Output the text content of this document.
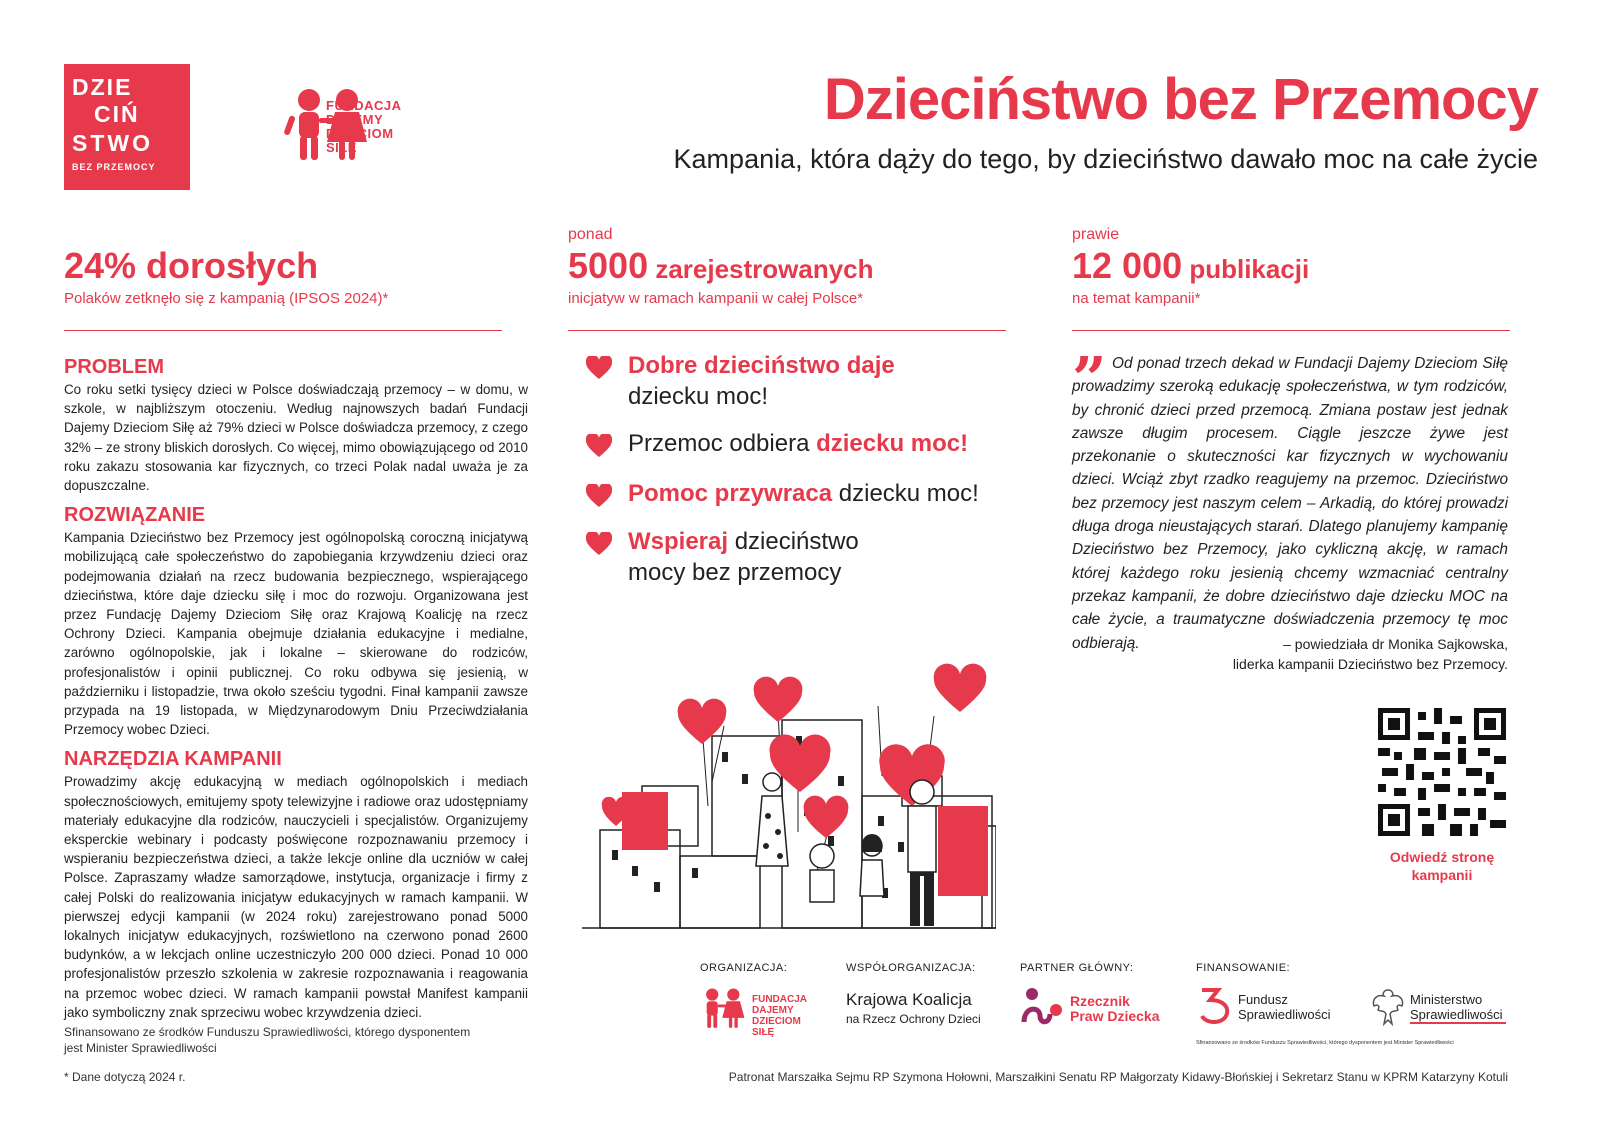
DZIE
CIŃ
STWO
BEZ PRZEMOCY
FUNDACJA
DAJEMY
DZIECIOM
SIŁĘ
Dzieciństwo bez Przemocy
Kampania, która dąży do tego, by dzieciństwo dawało moc na całe życie
24% dorosłych
Polaków zetknęło się z kampanią (IPSOS 2024)*
ponad
5000 zarejestrowanych
inicjatyw w ramach kampanii w całej Polsce*
prawie
12 000 publikacji
na temat kampanii*
PROBLEM
Co roku setki tysięcy dzieci w Polsce doświadczają przemocy – w domu, w szkole, w najbliższym otoczeniu. Według najnowszych badań Fundacji Dajemy Dzieciom Siłę aż 79% dzieci w Polsce doświadcza przemocy, z czego 32% – ze strony bliskich dorosłych. Co więcej, mimo obowiązującego od 2010 roku zakazu stosowania kar fizycznych, co trzeci Polak nadal uważa je za dopuszczalne.
ROZWIĄZANIE
Kampania Dzieciństwo bez Przemocy jest ogólnopolską coroczną inicjatywą mobilizującą całe społeczeństwo do zapobiegania krzywdzeniu dzieci oraz podejmowania działań na rzecz budowania bezpiecznego, wspierającego dzieciństwa, które daje dziecku siłę i moc do rozwoju. Organizowana jest przez Fundację Dajemy Dzieciom Siłę oraz Krajową Koalicję na rzecz Ochrony Dzieci. Kampania obejmuje działania edukacyjne i medialne, zarówno ogólnopolskie, jak i lokalne – skierowane do rodziców, profesjonalistów i opinii publicznej. Co roku odbywa się jesienią, w październiku i listopadzie, trwa około sześciu tygodni. Finał kampanii zawsze przypada na 19 listopada, w Międzynarodowym Dniu Przeciwdziałania Przemocy wobec Dzieci.
NARZĘDZIA KAMPANII
Prowadzimy akcję edukacyjną w mediach ogólnopolskich i mediach społecznościowych, emitujemy spoty telewizyjne i radiowe oraz udostępniamy materiały edukacyjne dla rodziców, nauczycieli i specjalistów. Organizujemy eksperckie webinary i podcasty poświęcone rozpoznawaniu przemocy i wspieraniu bezpieczeństwa dzieci, a także lekcje online dla uczniów w całej Polsce. Zapraszamy władze samorządowe, instytucja, organizacje i firmy z całej Polski do realizowania inicjatyw edukacyjnych w ramach kampanii. W pierwszej edycji kampanii (w 2024 roku) zarejestrowano ponad 5000 lokalnych inicjatyw edukacyjnych, rozświetlono na czerwono ponad 2600 budynków, a w lekcjach online uczestniczyło 200 000 dzieci. Ponad 10 000 profesjonalistów przeszło szkolenia w zakresie rozpoznawania i reagowania na przemoc wobec dzieci. W ramach kampanii powstał Manifest kampanii jako symboliczny znak sprzeciwu wobec krzywdzenia dzieci.
Sfinansowano ze środków Funduszu Sprawiedliwości, którego dysponentem jest Minister Sprawiedliwości
* Dane dotyczą 2024 r.
Dobre dzieciństwo daje
dziecku moc!
Przemoc odbiera dziecku moc!
Pomoc przywraca dziecku moc!
Wspieraj dzieciństwo
mocy bez przemocy
” Od ponad trzech dekad w Fundacji Dajemy Dzieciom Siłę prowadzimy szeroką edukację społeczeństwa, w tym rodziców, by chronić dzieci przed przemocą. Zmiana postaw jest jednak zawsze długim procesem. Ciągle jeszcze żywe jest przekonanie o skuteczności kar fizycznych w wychowaniu dzieci. Wciąż zbyt rzadko reagujemy na przemoc. Dzieciństwo bez przemocy jest naszym celem – Arkadią, do której prowadzi długa droga nieustających starań. Dlatego planujemy kampanię Dzieciństwo bez Przemocy, jako cykliczną akcję, w ramach której każdego roku jesienią chcemy wzmacniać centralny przekaz kampanii, że dobre dzieciństwo daje dziecku MOC na całe życie, a traumatyczne doświadczenia przemocy tę moc odbierają.	– powiedziała dr Monika Sajkowska,
liderka kampanii Dzieciństwo bez Przemocy.
Odwiedź stronę kampanii
ORGANIZACJA:	WSPÓŁORGANIZACJA:	PARTNER GŁÓWNY:	FINANSOWANIE:
FUNDACJA
DAJEMY
DZIECIOM
SIŁĘ
Krajowa Koalicja
na Rzecz Ochrony Dzieci
Rzecznik
Praw Dziecka
Fundusz
Sprawiedliwości
Ministerstwo
Sprawiedliwości
Sfinansowano ze środków Funduszu Sprawiedliwości, którego dysponentem jest Minister Sprawiedliwości
Patronat Marszałka Sejmu RP Szymona Hołowni, Marszałkini Senatu RP Małgorzaty Kidawy-Błońskiej i Sekretarz Stanu w KPRM Katarzyny Kotuli
